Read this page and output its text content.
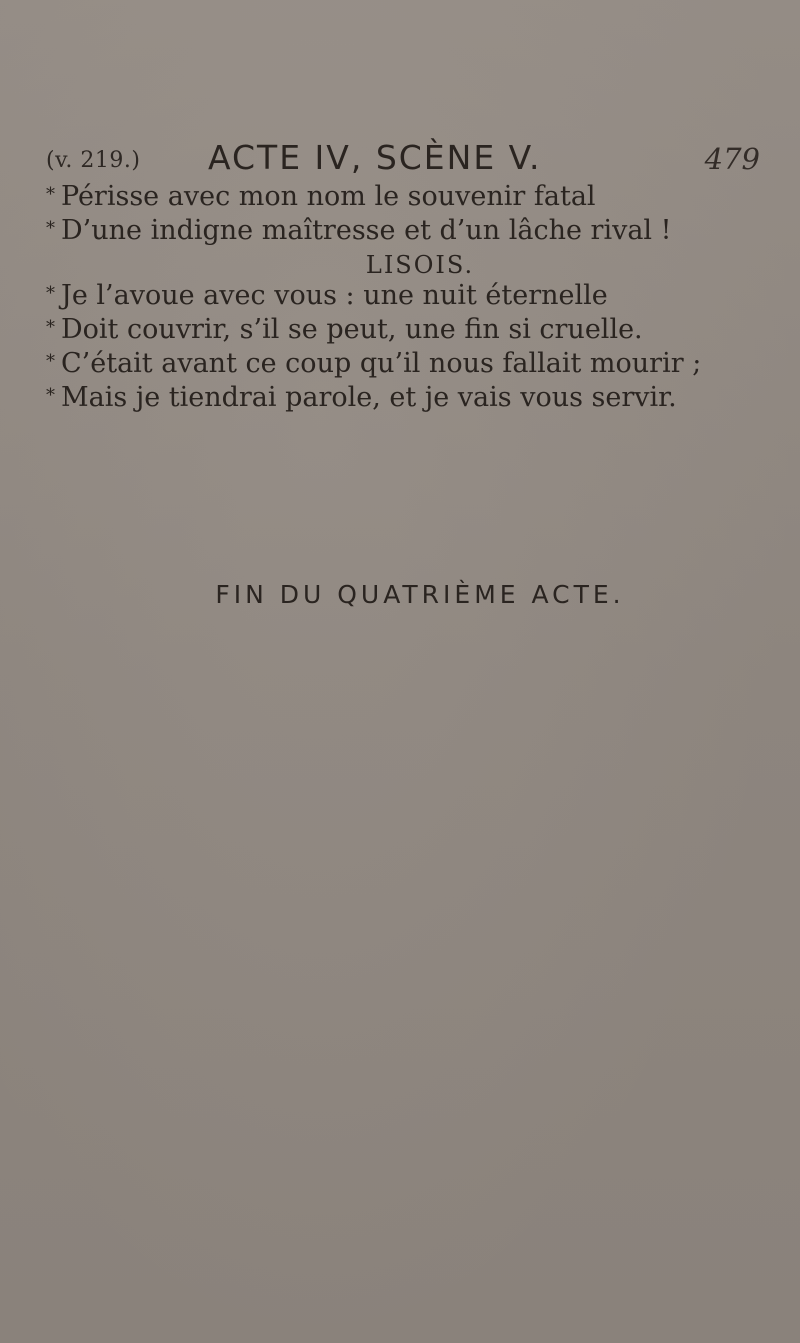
(v. 219.) ACTE IV, SCÈNE V.	479
* Périsse avec mon nom le souvenir fatal
* D’une indigne maîtresse et d’un lâche rival !
LISOIS.
* Je l’avoue avec vous : une nuit éternelle
* Doit couvrir, s’il se peut, une fin si cruelle.
* C’était avant ce coup qu’il nous fallait mourir ;
* Mais je tiendrai parole, et je vais vous servir.
FIN DU QUATRIÈME ACTE.
